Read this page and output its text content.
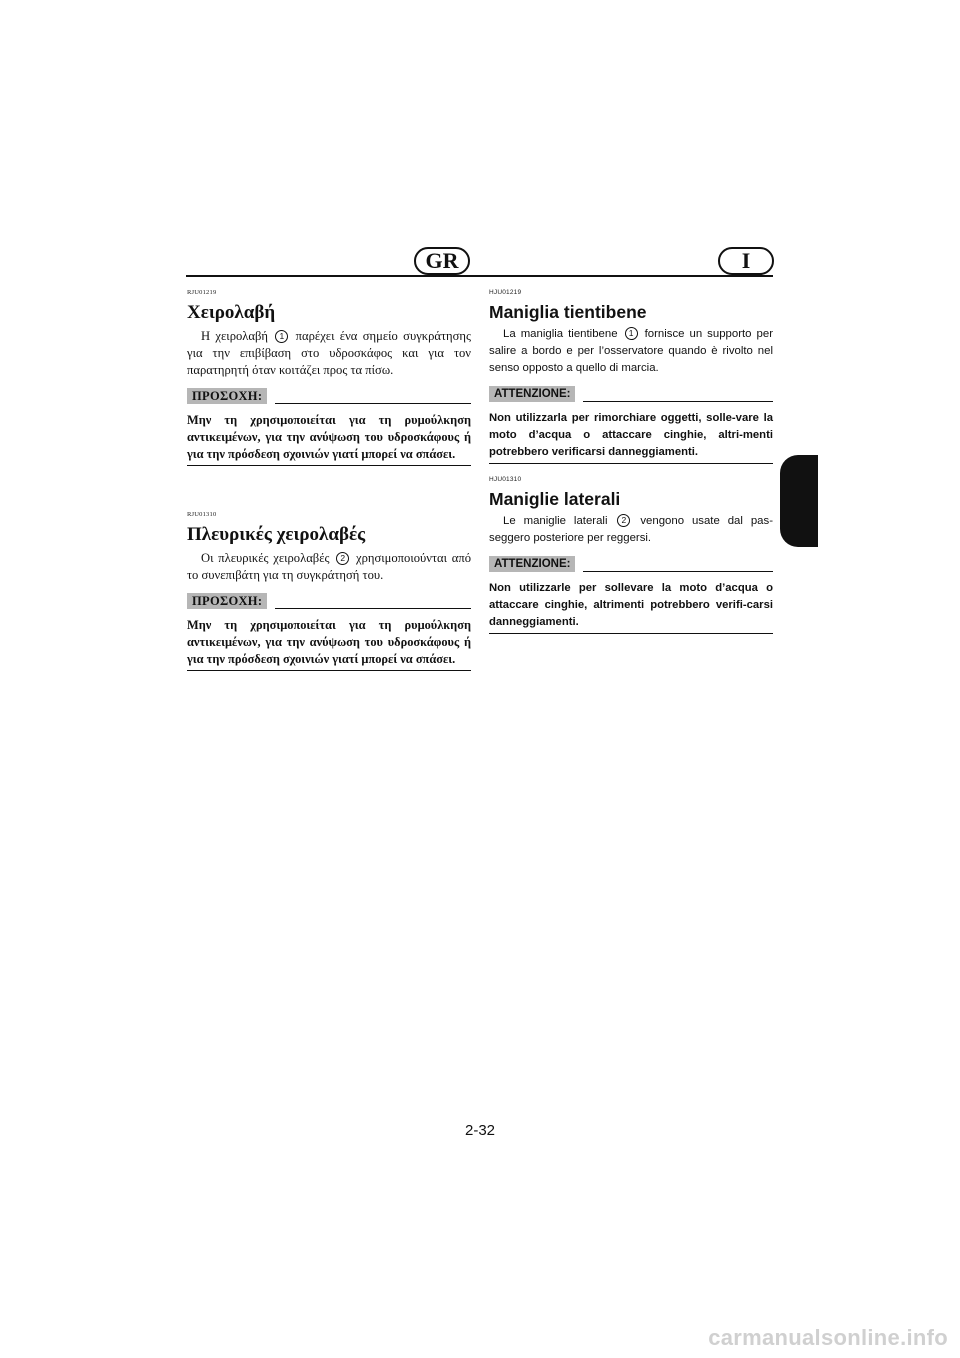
GR	I
RJU01219
Χειρολαβή

Η χειρολαβή 1 παρέχει ένα σημείο συγκράτησης για την επιβίβαση στο υδροσκάφος και για τον παρατηρητή όταν κοιτάζει προς τα πίσω.

ΠΡΟΣΟΧΗ:

Μην τη χρησιμοποιείται για τη ρυμούλκηση αντικειμένων, για την ανύψωση του υδροσκάφους ή για την πρόσδεση σχοινιών γιατί μπορεί να σπάσει.

RJU01310
Πλευρικές χειρολαβές

Οι πλευρικές χειρολαβές 2 χρησιμοποιούνται από το συνεπιβάτη για τη συγκράτησή του.

ΠΡΟΣΟΧΗ:

Μην τη χρησιμοποιείται για τη ρυμούλκηση αντικειμένων, για την ανύψωση του υδροσκάφους ή για την πρόσδεση σχοινιών γιατί μπορεί να σπάσει.

HJU01219
Maniglia tientibene

La maniglia tientibene 1 fornisce un supporto per salire a bordo e per l’osservatore quando è rivolto nel senso opposto a quello di marcia.

ATTENZIONE:

Non utilizzarla per rimorchiare oggetti, solle-vare la moto d’acqua o attaccare cinghie, altri-menti potrebbero verificarsi danneggiamenti.

HJU01310
Maniglie laterali

Le maniglie laterali 2 vengono usate dal pas-seggero posteriore per reggersi.

ATTENZIONE:

Non utilizzarle per sollevare la moto d’acqua o attaccare cinghie, altrimenti potrebbero verifi-carsi danneggiamenti.

2-32
carmanualsonline.info
